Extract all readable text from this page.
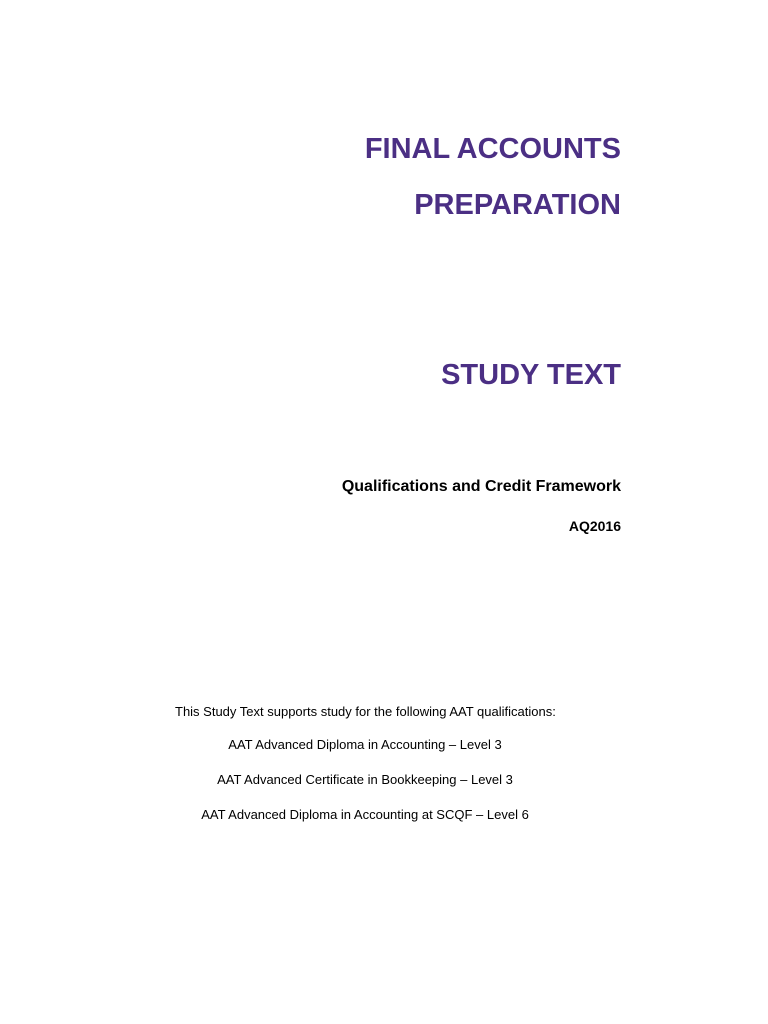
FINAL ACCOUNTS
PREPARATION
STUDY TEXT

Qualifications and Credit Framework

AQ2016

This Study Text supports study for the following AAT qualifications:

AAT Advanced Diploma in Accounting – Level 3
AAT Advanced Certificate in Bookkeeping – Level 3
AAT Advanced Diploma in Accounting at SCQF – Level 6
